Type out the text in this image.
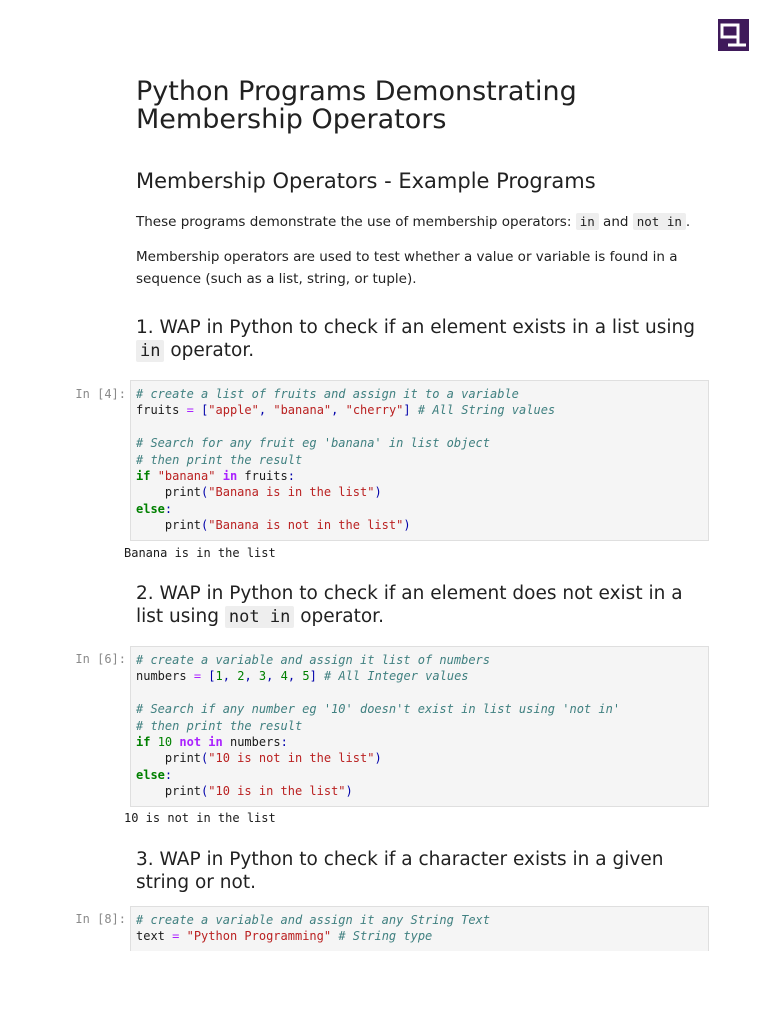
Python Programs Demonstrating Membership Operators
Membership Operators - Example Programs

These programs demonstrate the use of membership operators: in and not in .

Membership operators are used to test whether a value or variable is found in a sequence (such as a list, string, or tuple).

1. WAP in Python to check if an element exists in a list using in operator.
2. WAP in Python to check if an element does not exist in a list using not in operator.
3. WAP in Python to check if a character exists in a given string or not.
In [4]: # create a list of fruits and assign it to a variable
fruits = ["apple", "banana", "cherry"] # All String values

# Search for any fruit eg 'banana' in list object
# then print the result
if "banana" in fruits:
print("Banana is in the list")
else:
print("Banana is not in the list")
Banana is in the list
In [6]: # create a variable and assign it list of numbers
numbers = [1, 2, 3, 4, 5] # All Integer values

# Search if any number eg '10' doesn't exist in list using 'not in'
# then print the result
if 10 not in numbers:
print("10 is not in the list")
else:
print("10 is in the list")
10 is not in the list
In [8]: # create a variable and assign it any String Text
text = "Python Programming" # String type
